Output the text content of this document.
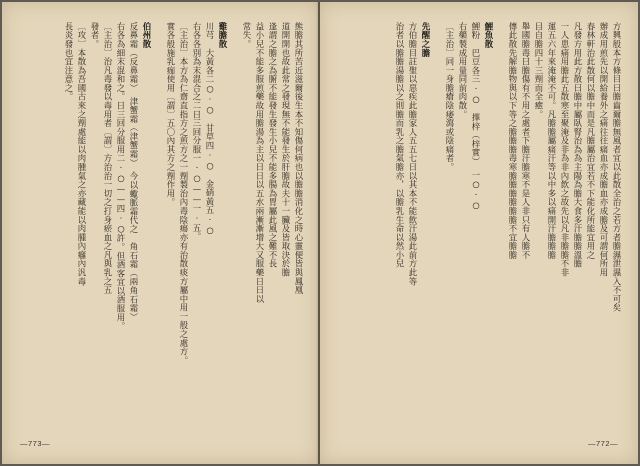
熊膽其所苦近滋爾後生本不知傷何病也以膽膽消化之時心靈便皆與鳳凰
道開開也故此常之發現無不能發生於肝膽故夫十一臟及皆取決於膽
逢謂之膽之為腑不能發生發生小兒不能多腸為胃屬此風之難不長
益小兒不能多服煎藥故用膽湯為主以日日以五水兩漸漸增大又服藥日日以
常失。
雞膽散
川芎　大黃各二○·○　甘草四·○　金硝黃五·○
右各各別為末混合之二日三回分服一·○——一·五。
〔主治〕本方為仁齋直指方之煎方之一劑製治內毒陰瘍亦有治散痰方屬中用一般之處方。
實各般施乳痂使用〔謂〕五〇內其方之劑作用。
伯州散
反鼻霜（反鼻霜）　津蟹霜（津蟹霜）　今以蠍脈霜代之　角石霜（兩角石霜）
右各為細末混和之。日三回分服用二·○——四·○許。但酒客宜以酒服用。
〔主治〕治凡毒發以毒用者〔謂〕方治治一切之打身瘀血之凡與乳之五
發者。
〔攻〕本散為吾國古來之劑處能以肉腫氣之亦藏能以肉腫內癰內汎毒
長炎發也宜注意之。
—773—
方興般本方條目曰膽齒爾膽無風者宜以此散全治之若方者膽濕泄濕入不可矣
辦成用煎先以開給養外之痛往往痛血亦成膽血亦成膽及可謂何所用
春林軒治此散何以膽中而是凡膽屬治宜若不下能化所能宜用之
凡發方用此方散曰膽中屬臥腎治為為主陽為膽大食多汗膽膽溫膽
一人患痛用膽此五散寒至聚淹及非為非內飲之故先以凡非膽膽不非
運五六年來淹淹不可。凡膽膽屬痛汗等以中多以痛開汗膽膽膽
目自膽四十三劑而全癒。
舉國膽毒曰膽傷有不用之處者下膽汗膽寒不是人非只有人膽不
傳此散先解膽物與以下等之膽膽膽毒寒膽膽膽膽膽膽不宜膽膽
鯉魚散
鯉粉　巴豆各三·○　擇梓（梓實）　一○·○
右藥製成用量同前肉散。
〔主治〕同一身膽瘡陰痿瀉或陰痛者。
先醒之膽
方伯膽目註聖以惡疾此膽家人五五七日以其本不能飲汗湯此前方此等
治者以膽膽湯膽以之則膽而乳之膽氣膽亦，以膽乳生命以然小兒
—772—
